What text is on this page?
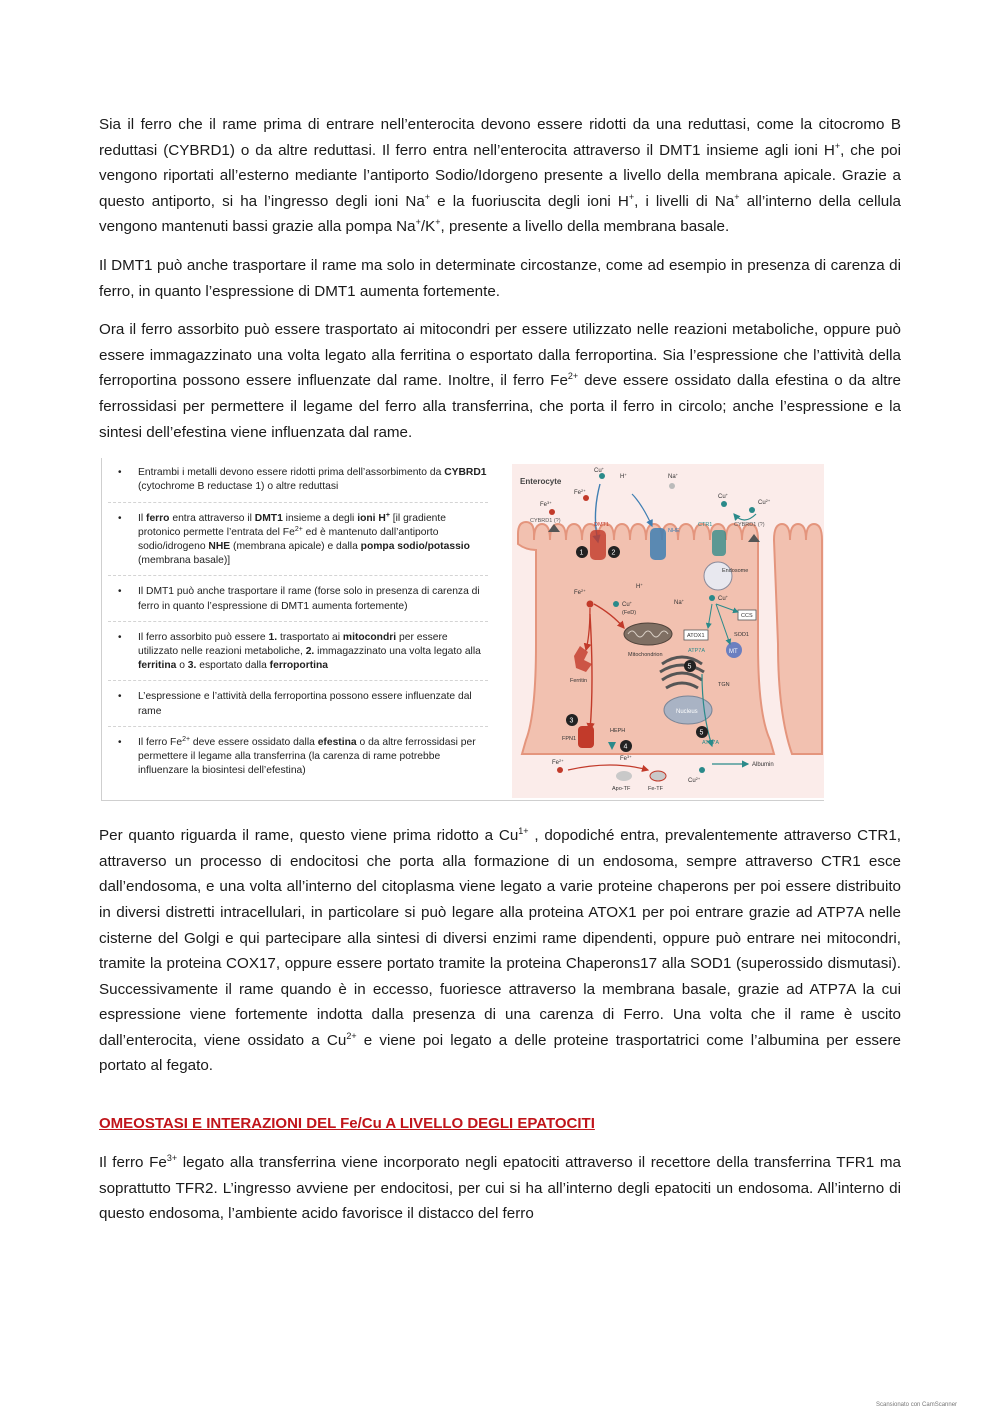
Sia il ferro che il rame prima di entrare nell’enterocita devono essere ridotti da una reduttasi, come la citocromo B reduttasi (CYBRD1) o da altre reduttasi. Il ferro entra nell’enterocita attraverso il DMT1 insieme agli ioni H+, che poi vengono riportati all’esterno mediante l’antiporto Sodio/Idorgeno presente a livello della membrana apicale. Grazie a questo antiporto, si ha l’ingresso degli ioni Na+ e la fuoriuscita degli ioni H+, i livelli di Na+ all’interno della cellula vengono mantenuti bassi grazie alla pompa Na+/K+, presente a livello della membrana basale.

Il DMT1 può anche trasportare il rame ma solo in determinate circostanze, come ad esempio in presenza di carenza di ferro, in quanto l’espressione di DMT1 aumenta fortemente.

Ora il ferro assorbito può essere trasportato ai mitocondri per essere utilizzato nelle reazioni metaboliche, oppure può essere immagazzinato una volta legato alla ferritina o esportato dalla ferroportina. Sia l’espressione che l’attività della ferroportina possono essere influenzate dal rame. Inoltre, il ferro $Fe^{2+}$ deve essere ossidato dalla efestina o da altre ferrossidasi per permettere il legame del ferro alla transferrina, che porta il ferro in circolo; anche l’espressione e la sintesi dell’efestina viene influenzata dal rame.

• Entrambi i metalli devono essere ridotti prima dell’assorbimento da CYBRD1 (cytochrome B reductase 1) o altre reduttasi
• Il ferro entra attraverso il DMT1 insieme a degli ioni H+ [il gradiente protonico permette l’entrata del $Fe^{2+}$ ed è mantenuto dall’antiporto sodio/idrogeno NHE (membrana apicale) e dalla pompa sodio/potassio (membrana basale)]
• Il DMT1 può anche trasportare il rame (forse solo in presenza di carenza di ferro in quanto l’espressione di DMT1 aumenta fortemente)
• Il ferro assorbito può essere 1. trasportato ai mitocondri per essere utilizzato nelle reazioni metaboliche, 2. immagazzinato una volta legato alla ferritina o 3. esportato dalla ferroportina
• L’espressione e l’attività della ferroportina possono essere influenzate dal rame
• Il ferro $Fe^{2+}$ deve essere ossidato dalla efestina o da altre ferrossidasi per permettere il legame alla transferrina (la carenza di rame potrebbe influenzare la biosintesi dell’efestina)
Enterocyte
$Fe^{3+}$
$Fe^{2+}$
CYBRD1 (?)
Cu+
H+
DMT1
Na+
NHE
Cu+
$Cu^{2+}$
CTR1	CYBRD1 (?)
Endosome
Cu+
Na+
H+
$Fe^{2+}$
Cu+
(FeD)	CCS
SOD1
ATOX1
ATP7A	MT
Mitochondrion
Ferritin
TGN
Nucleus
FPN1
HEPH
ATP7A
1	2
3
4
5
5
$Fe^{2+}$	$Fe^{3+}$
Apo-TF	Fe-TF
Albumin
$Cu^{2+}$

Per quanto riguarda il rame, questo viene prima ridotto a $Cu^{1+}$ , dopodiché entra, prevalentemente attraverso CTR1, attraverso un processo di endocitosi che porta alla formazione di un endosoma, sempre attraverso CTR1 esce dall’endosoma, e una volta all’interno del citoplasma viene legato a varie proteine chaperons per poi essere distribuito in diversi distretti intracellulari, in particolare si può legare alla proteina ATOX1 per poi entrare grazie ad ATP7A nelle cisterne del Golgi e qui partecipare alla sintesi di diversi enzimi rame dipendenti, oppure può entrare nei mitocondri, tramite la proteina COX17, oppure essere portato tramite la proteina Chaperons17 alla SOD1 (superossido dismutasi). Successivamente il rame quando è in eccesso, fuoriesce attraverso la membrana basale, grazie ad ATP7A la cui espressione viene fortemente indotta dalla presenza di una carenza di Ferro. Una volta che il rame è uscito dall’enterocita, viene ossidato a $Cu^{2+}$ e viene poi legato a delle proteine trasportatrici come l’albumina per essere portato al fegato.

OMEOSTASI E INTERAZIONI DEL Fe/Cu A LIVELLO DEGLI EPATOCITI

Il ferro $Fe^{3+}$ legato alla transferrina viene incorporato negli epatociti attraverso il recettore della transferrina TFR1 ma soprattutto TFR2. L’ingresso avviene per endocitosi, per cui si ha all’interno degli epatociti un endosoma. All’interno di questo endosoma, l’ambiente acido favorisce il distacco del ferro

Scansionato con CamScanner
